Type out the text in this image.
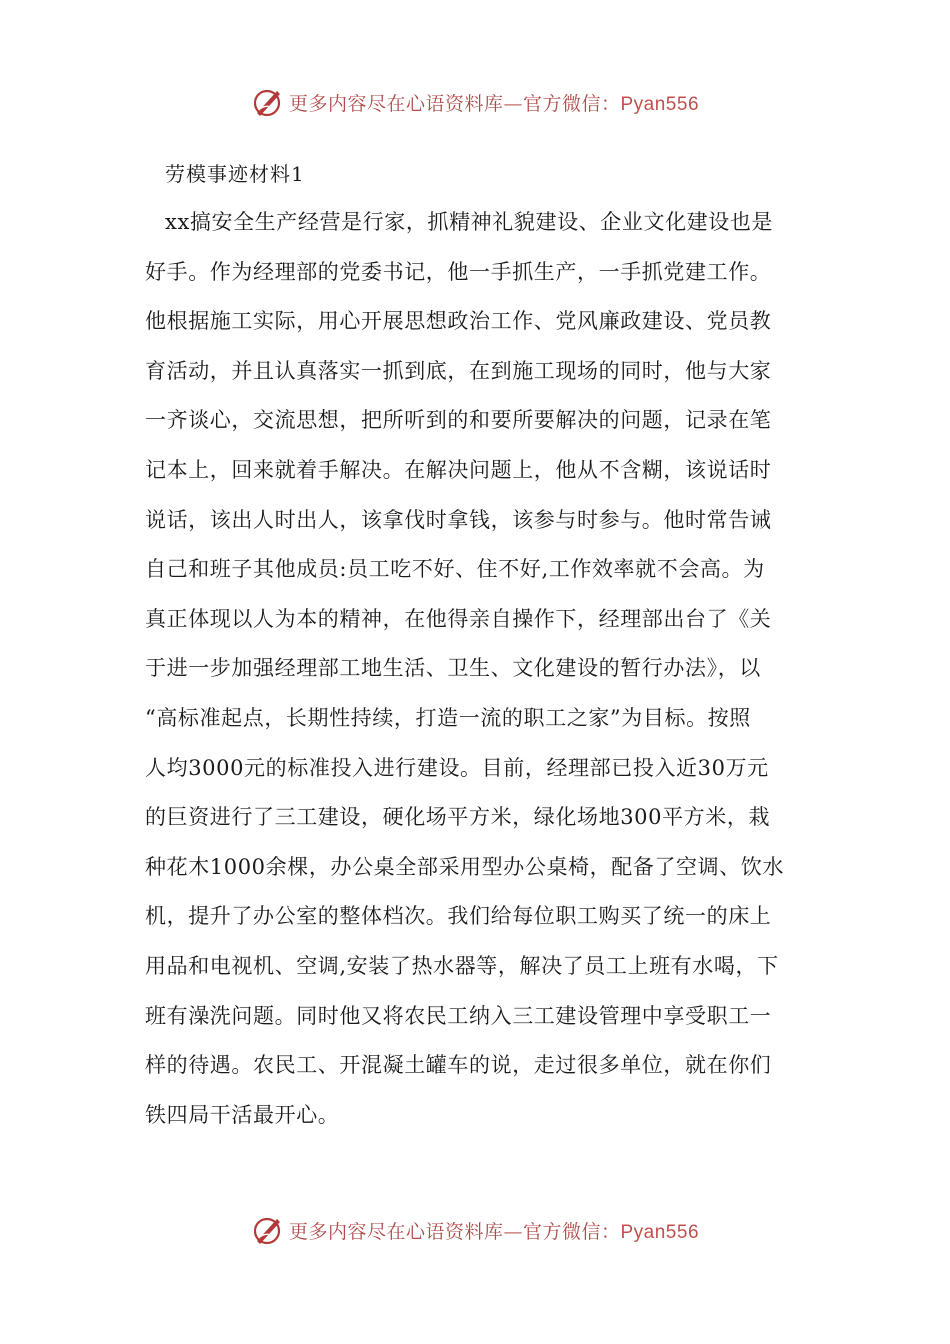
更多内容尽在心语资料库—官方微信：Pyan556
劳模事迹材料1
xx搞安全生产经营是行家，抓精神礼貌建设、企业文化建设也是
好手。作为经理部的党委书记，他一手抓生产，一手抓党建工作。
他根据施工实际，用心开展思想政治工作、党风廉政建设、党员教
育活动，并且认真落实一抓到底，在到施工现场的同时，他与大家
一齐谈心，交流思想，把所听到的和要所要解决的问题，记录在笔
记本上，回来就着手解决。在解决问题上，他从不含糊，该说话时
说话，该出人时出人，该拿伐时拿钱，该参与时参与。他时常告诫
自己和班子其他成员:员工吃不好、住不好,工作效率就不会高。为
真正体现以人为本的精神，在他得亲自操作下，经理部出台了《关
于进一步加强经理部工地生活、卫生、文化建设的暂行办法》，以
“高标准起点，长期性持续，打造一流的职工之家”为目标。按照
人均3000元的标准投入进行建设。目前，经理部已投入近30万元
的巨资进行了三工建设，硬化场平方米，绿化场地300平方米，栽
种花木1000余棵，办公桌全部采用型办公桌椅，配备了空调、饮水
机，提升了办公室的整体档次。我们给每位职工购买了统一的床上
用品和电视机、空调,安装了热水器等，解决了员工上班有水喝，下
班有澡洗问题。同时他又将农民工纳入三工建设管理中享受职工一
样的待遇。农民工、开混凝土罐车的说，走过很多单位，就在你们
铁四局干活最开心。
更多内容尽在心语资料库—官方微信：Pyan556
